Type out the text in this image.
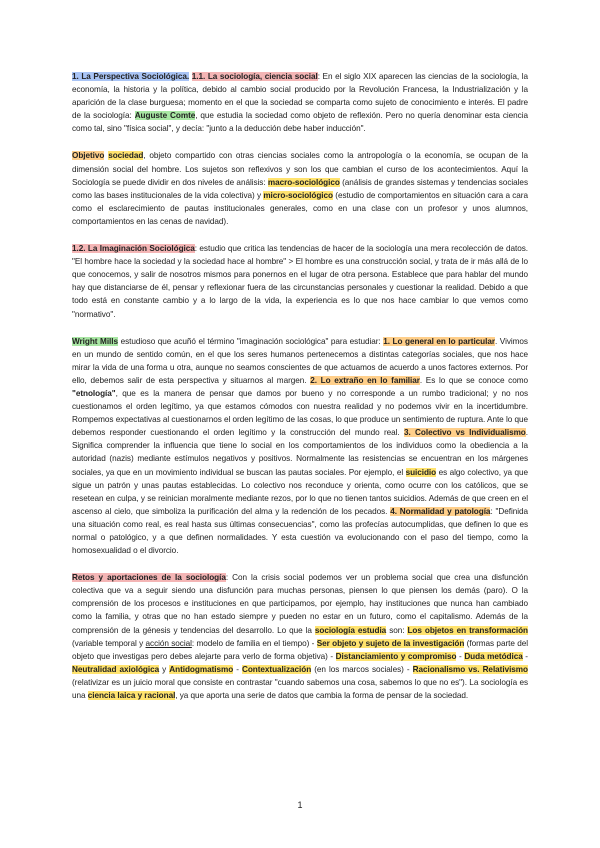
1. La Perspectiva Sociológica. 1.1. La sociología, ciencia social: En el siglo XIX aparecen las ciencias de la sociología, la economía, la historia y la política, debido al cambio social producido por la Revolución Francesa, la Industrialización y la aparición de la clase burguesa; momento en el que la sociedad se comparta como sujeto de conocimiento e interés. El padre de la sociología: Auguste Comte, que estudia la sociedad como objeto de reflexión. Pero no quería denominar esta ciencia como tal, sino "física social", y decía: "junto a la deducción debe haber inducción".

Objetivo sociedad, objeto compartido con otras ciencias sociales como la antropología o la economía, se ocupan de la dimensión social del hombre. Los sujetos son reflexivos y son los que cambian el curso de los acontecimientos. Aquí la Sociología se puede dividir en dos niveles de análisis: macro-sociológico (análisis de grandes sistemas y tendencias sociales como las bases institucionales de la vida colectiva) y micro-sociológico (estudio de comportamientos en situación cara a cara como el esclarecimiento de pautas institucionales generales, como en una clase con un profesor y unos alumnos, comportamientos en las cenas de navidad).

1.2. La Imaginación Sociológica: estudio que critica las tendencias de hacer de la sociología una mera recolección de datos. "El hombre hace la sociedad y la sociedad hace al hombre" > El hombre es una construcción social, y trata de ir más allá de lo que conocemos, y salir de nosotros mismos para ponernos en el lugar de otra persona. Establece que para hablar del mundo hay que distanciarse de él, pensar y reflexionar fuera de las circunstancias personales y cuestionar la realidad. Debido a que todo está en constante cambio y a lo largo de la vida, la experiencia es lo que nos hace cambiar lo que vemos como "normativo".

Wright Mills estudioso que acuñó el término "imaginación sociológica" para estudiar: 1. Lo general en lo particular. Vivimos en un mundo de sentido común, en el que los seres humanos pertenecemos a distintas categorías sociales, que nos hace mirar la vida de una forma u otra, aunque no seamos conscientes de que actuamos de acuerdo a unos factores externos. Por ello, debemos salir de esta perspectiva y situarnos al margen. 2. Lo extraño en lo familiar. Es lo que se conoce como "etnología", que es la manera de pensar que damos por bueno y no corresponde a un rumbo tradicional; y no nos cuestionamos el orden legítimo, ya que estamos cómodos con nuestra realidad y no podemos vivir en la incertidumbre. Rompemos expectativas al cuestionarnos el orden legítimo de las cosas, lo que produce un sentimiento de ruptura. Ante lo que debemos responder cuestionando el orden legítimo y la construcción del mundo real. 3. Colectivo vs Individualismo. Significa comprender la influencia que tiene lo social en los comportamientos de los individuos como la obediencia a la autoridad (nazis) mediante estímulos negativos y positivos. Normalmente las resistencias se encuentran en los márgenes sociales, ya que en un movimiento individual se buscan las pautas sociales. Por ejemplo, el suicidio es algo colectivo, ya que sigue un patrón y unas pautas establecidas. Lo colectivo nos reconduce y orienta, como ocurre con los católicos, que se resetean en culpa, y se reinician moralmente mediante rezos, por lo que no tienen tantos suicidios. Además de que creen en el ascenso al cielo, que simboliza la purificación del alma y la redención de los pecados. 4. Normalidad y patología: "Definida una situación como real, es real hasta sus últimas consecuencias", como las profecías autocumplidas, que definen lo que es normal o patológico, y a que definen normalidades. Y esta cuestión va evolucionando con el paso del tiempo, como la homosexualidad o el divorcio.

Retos y aportaciones de la sociología: Con la crisis social podemos ver un problema social que crea una disfunción colectiva que va a seguir siendo una disfunción para muchas personas, piensen lo que piensen los demás (paro). O la comprensión de los procesos e instituciones en que participamos, por ejemplo, hay instituciones que nunca han cambiado como la familia, y otras que no han estado siempre y pueden no estar en un futuro, como el capitalismo. Además de la comprensión de la génesis y tendencias del desarrollo. Lo que la sociología estudia son: Los objetos en transformación (variable temporal y acción social: modelo de familia en el tiempo) - Ser objeto y sujeto de la investigación (formas parte del objeto que investigas pero debes alejarte para verlo de forma objetiva) - Distanciamiento y compromiso - Duda metódica - Neutralidad axiológica y Antidogmatismo - Contextualización (en los marcos sociales) - Racionalismo vs. Relativismo (relativizar es un juicio moral que consiste en contrastar "cuando sabemos una cosa, sabemos lo que no es"). La sociología es una ciencia laica y racional, ya que aporta una serie de datos que cambia la forma de pensar de la sociedad.

1
